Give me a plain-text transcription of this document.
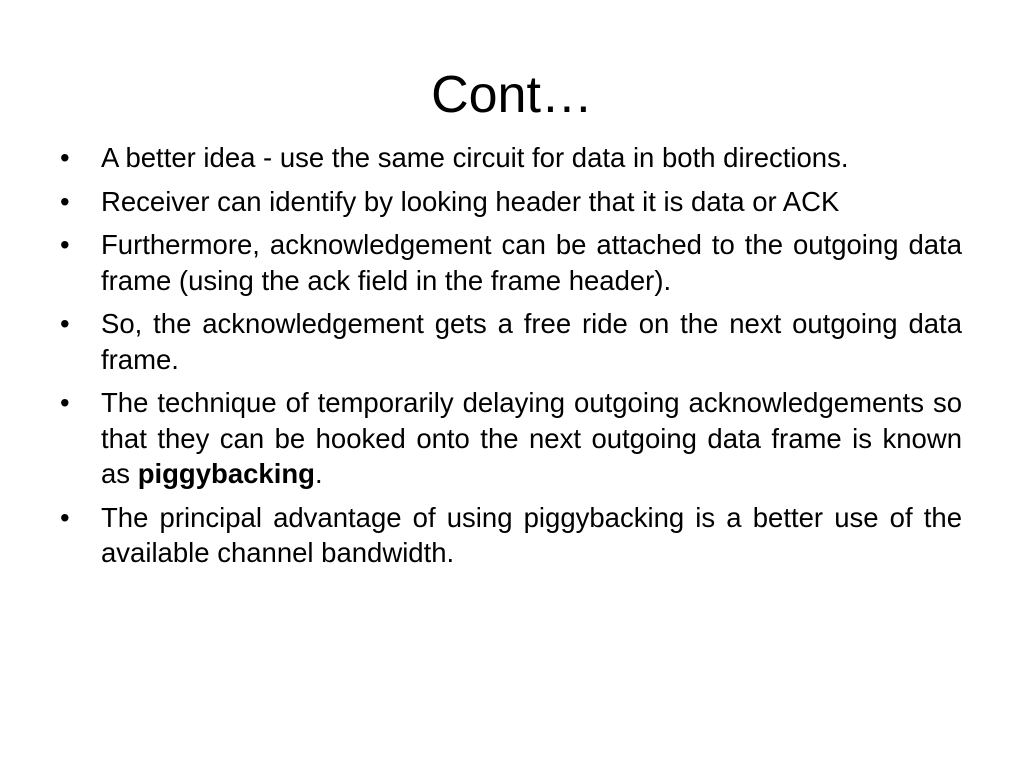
Cont…
• A better idea - use the same circuit for data in both directions.
• Receiver can identify by looking header that it is data or ACK
• Furthermore, acknowledgement can be attached to the outgoing data frame (using the ack field in the frame header).
• So, the acknowledgement gets a free ride on the next outgoing data frame.
• The technique of temporarily delaying outgoing acknowledgements so that they can be hooked onto the next outgoing data frame is known as piggybacking.
• The principal advantage of using piggybacking is a better use of the available channel bandwidth.
